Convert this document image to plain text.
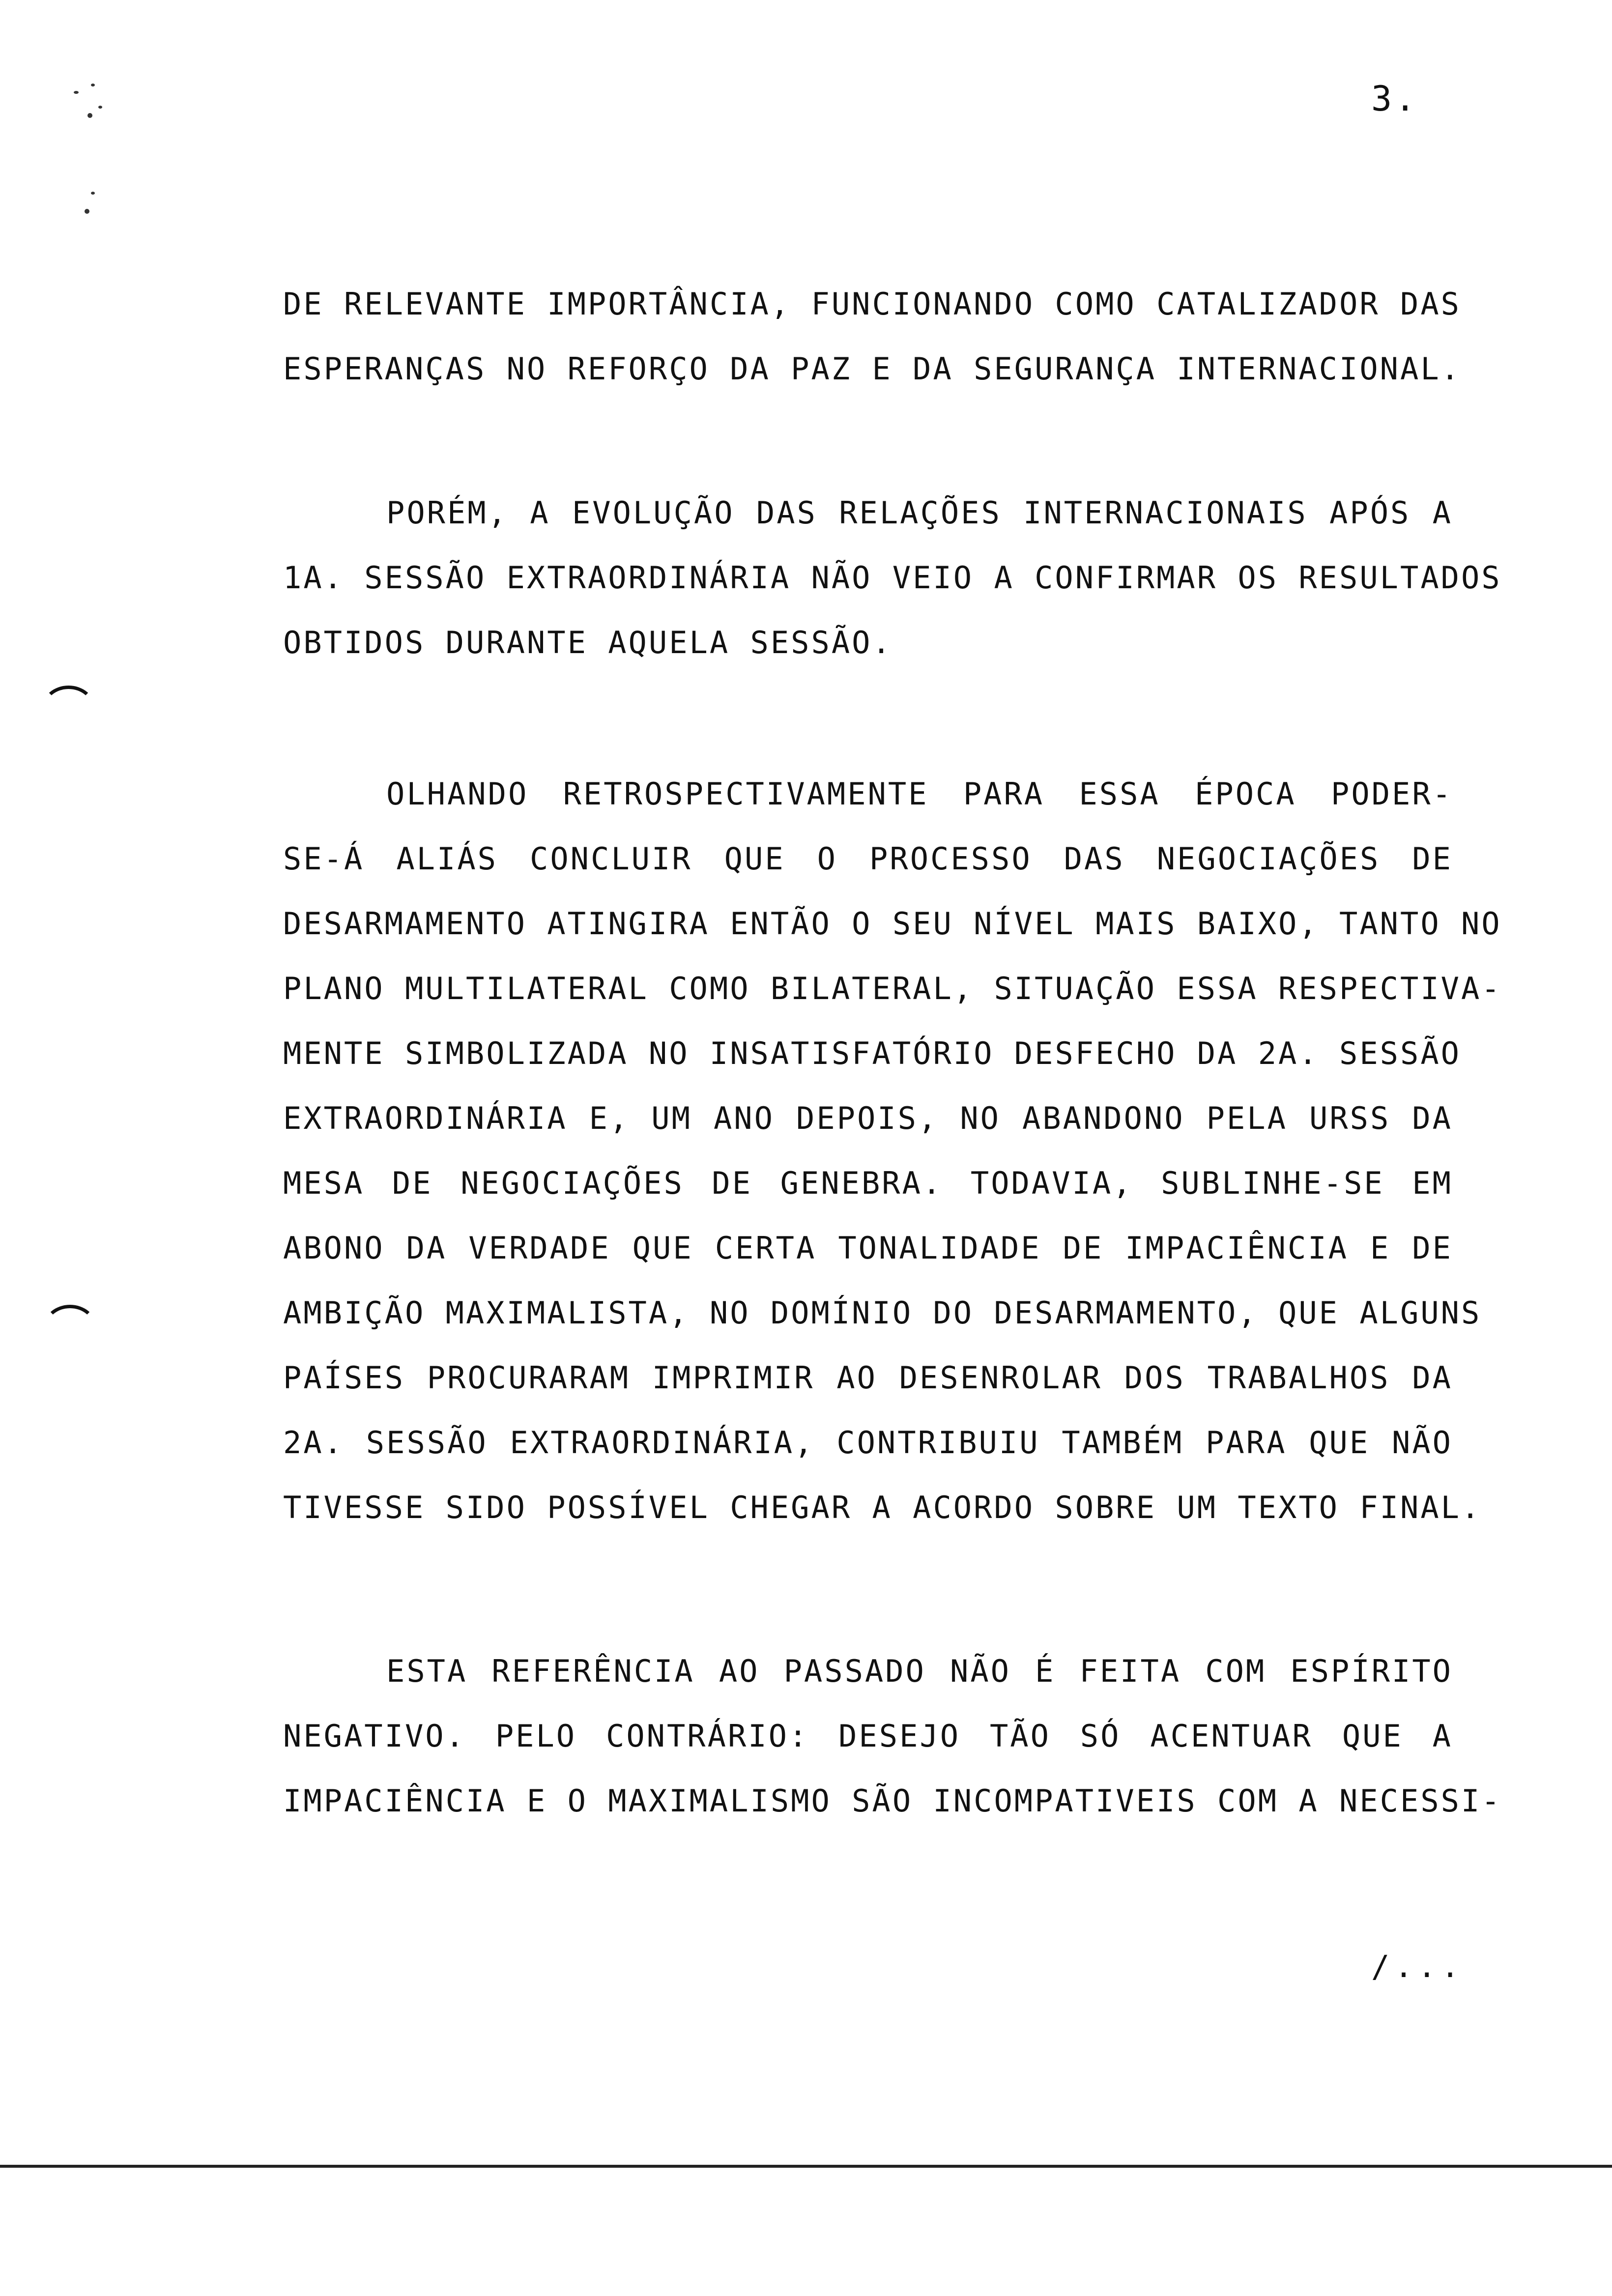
3.
DE RELEVANTE IMPORTÂNCIA, FUNCIONANDO COMO CATALIZADOR DAS
ESPERANÇAS NO REFORÇO DA PAZ E DA SEGURANÇA INTERNACIONAL.
PORÉM, A EVOLUÇÃO DAS RELAÇÕES INTERNACIONAIS APÓS A
1A. SESSÃO EXTRAORDINÁRIA NÃO VEIO A CONFIRMAR OS RESULTADOS
OBTIDOS DURANTE AQUELA SESSÃO.
OLHANDO RETROSPECTIVAMENTE PARA ESSA ÉPOCA PODER-
SE-Á ALIÁS CONCLUIR QUE O PROCESSO DAS NEGOCIAÇÕES DE
DESARMAMENTO ATINGIRA ENTÃO O SEU NÍVEL MAIS BAIXO, TANTO NO
PLANO MULTILATERAL COMO BILATERAL, SITUAÇÃO ESSA RESPECTIVA-
MENTE SIMBOLIZADA NO INSATISFATÓRIO DESFECHO DA 2A. SESSÃO
EXTRAORDINÁRIA E, UM ANO DEPOIS, NO ABANDONO PELA URSS DA
MESA DE NEGOCIAÇÕES DE GENEBRA. TODAVIA, SUBLINHE-SE EM
ABONO DA VERDADE QUE CERTA TONALIDADE DE IMPACIÊNCIA E DE
AMBIÇÃO MAXIMALISTA, NO DOMÍNIO DO DESARMAMENTO, QUE ALGUNS
PAÍSES PROCURARAM IMPRIMIR AO DESENROLAR DOS TRABALHOS DA
2A. SESSÃO EXTRAORDINÁRIA, CONTRIBUIU TAMBÉM PARA QUE NÃO
TIVESSE SIDO POSSÍVEL CHEGAR A ACORDO SOBRE UM TEXTO FINAL.
ESTA REFERÊNCIA AO PASSADO NÃO É FEITA COM ESPÍRITO
NEGATIVO. PELO CONTRÁRIO: DESEJO TÃO SÓ ACENTUAR QUE A
IMPACIÊNCIA E O MAXIMALISMO SÃO INCOMPATIVEIS COM A NECESSI-
/...
